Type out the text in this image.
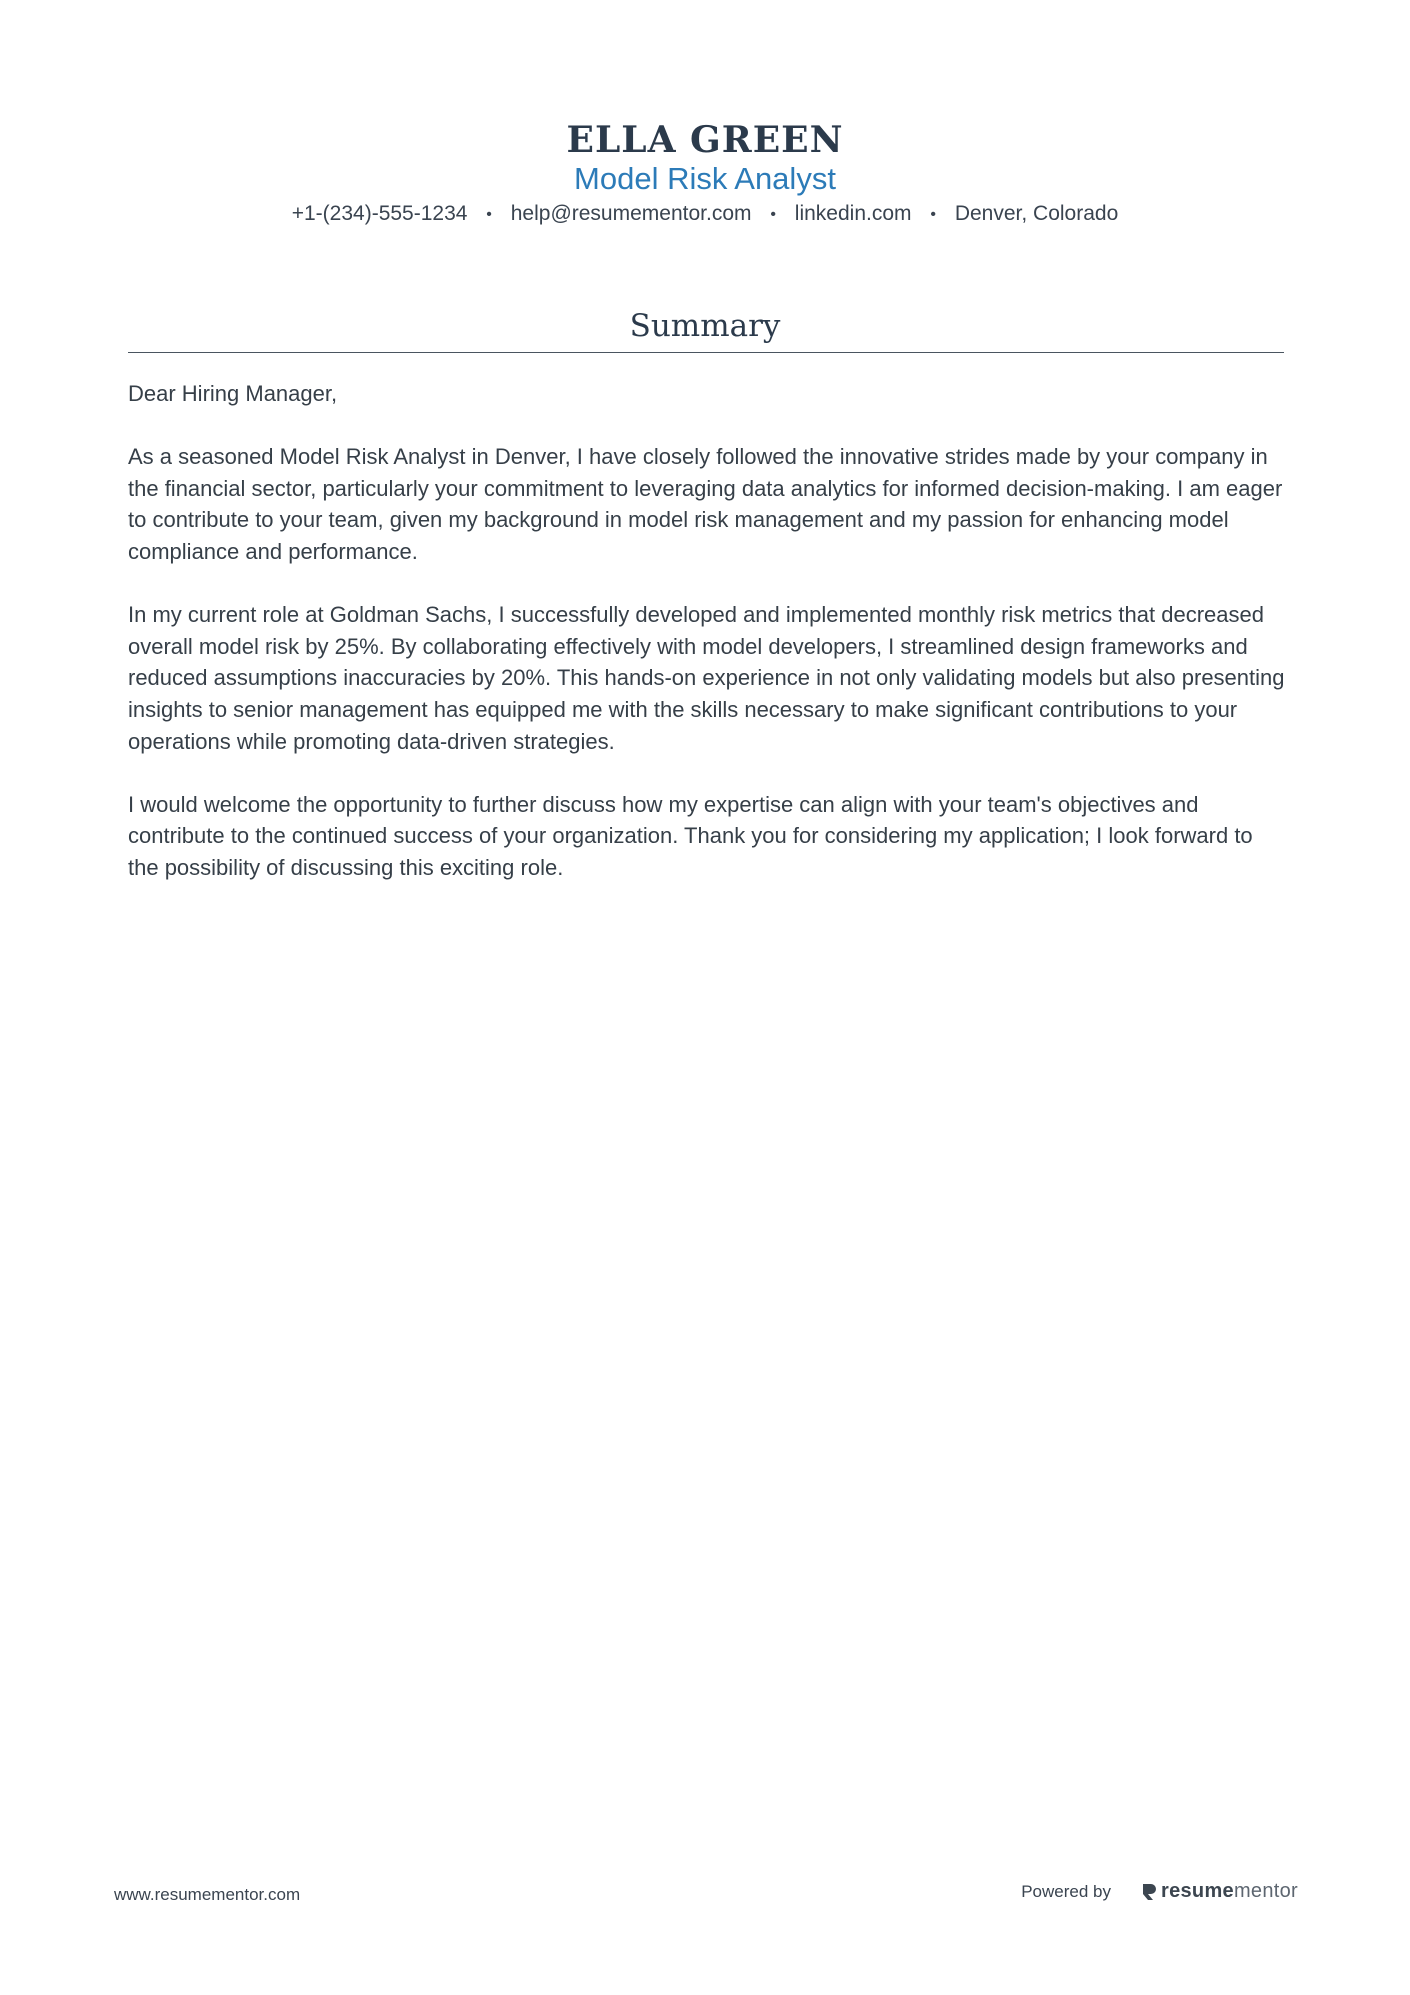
ELLA GREEN
Model Risk Analyst
+1-(234)-555-1234 • help@resumementor.com • linkedin.com • Denver, Colorado
Summary

Dear Hiring Manager,

As a seasoned Model Risk Analyst in Denver, I have closely followed the innovative strides made by your company in the financial sector, particularly your commitment to leveraging data analytics for informed decision-making. I am eager to contribute to your team, given my background in model risk management and my passion for enhancing model compliance and performance.

In my current role at Goldman Sachs, I successfully developed and implemented monthly risk metrics that decreased overall model risk by 25%. By collaborating effectively with model developers, I streamlined design frameworks and reduced assumptions inaccuracies by 20%. This hands-on experience in not only validating models but also presenting insights to senior management has equipped me with the skills necessary to make significant contributions to your operations while promoting data-driven strategies.

I would welcome the opportunity to further discuss how my expertise can align with your team's objectives and contribute to the continued success of your organization. Thank you for considering my application; I look forward to the possibility of discussing this exciting role.

www.resumementor.com	Powered by	resume mentor
